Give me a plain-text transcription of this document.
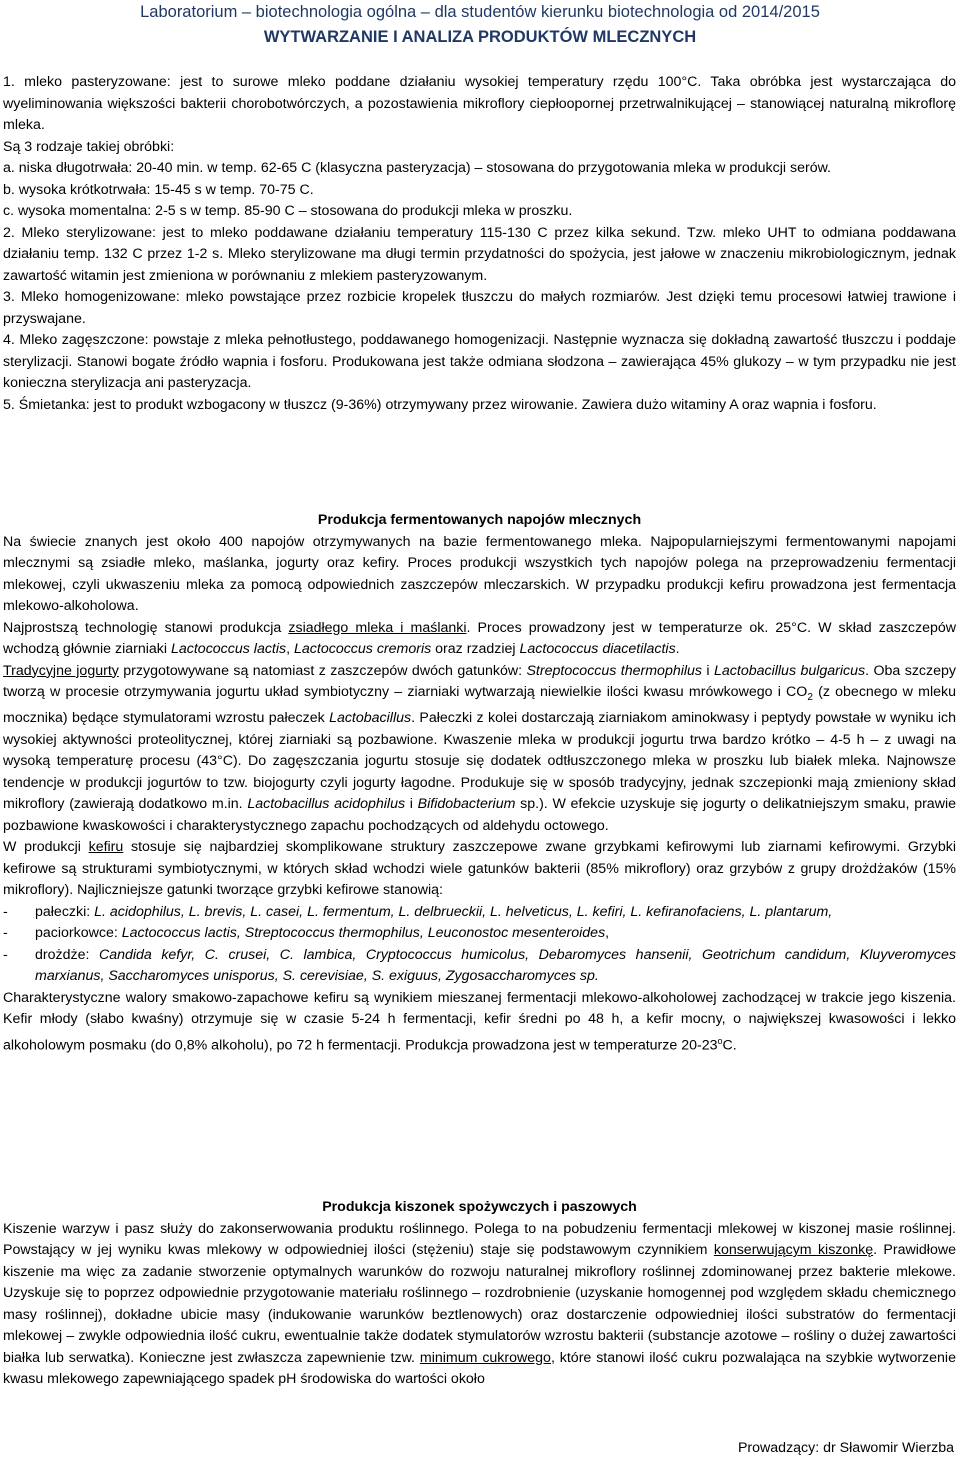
Laboratorium – biotechnologia ogólna – dla studentów kierunku biotechnologia od 2014/2015
WYTWARZANIE I ANALIZA PRODUKTÓW MLECZNYCH

1. mleko pasteryzowane: jest to surowe mleko poddane działaniu wysokiej temperatury rzędu 100°C. Taka obróbka jest wystarczająca do wyeliminowania większości bakterii chorobotwórczych, a pozostawienia mikroflory ciepłoopornej przetrwalnikującej – stanowiącej naturalną mikroflorę mleka.

Są 3 rodzaje takiej obróbki:

a. niska długotrwała: 20-40 min. w temp. 62-65 C (klasyczna pasteryzacja) – stosowana do przygotowania mleka w produkcji serów.

b. wysoka krótkotrwała: 15-45 s w temp. 70-75 C.

c. wysoka momentalna: 2-5 s w temp. 85-90 C – stosowana do produkcji mleka w proszku.

2. Mleko sterylizowane: jest to mleko poddawane działaniu temperatury 115-130 C przez kilka sekund. Tzw. mleko UHT to odmiana poddawana działaniu temp. 132 C przez 1-2 s. Mleko sterylizowane ma długi termin przydatności do spożycia, jest jałowe w znaczeniu mikrobiologicznym, jednak zawartość witamin jest zmieniona w porównaniu z mlekiem pasteryzowanym.

3. Mleko homogenizowane: mleko powstające przez rozbicie kropelek tłuszczu do małych rozmiarów. Jest dzięki temu procesowi łatwiej trawione i przyswajane.

4. Mleko zagęszczone: powstaje z mleka pełnotłustego, poddawanego homogenizacji. Następnie wyznacza się dokładną zawartość tłuszczu i poddaje sterylizacji. Stanowi bogate źródło wapnia i fosforu. Produkowana jest także odmiana słodzona – zawierająca 45% glukozy – w tym przypadku nie jest konieczna sterylizacja ani pasteryzacja.

5. Śmietanka: jest to produkt wzbogacony w tłuszcz (9-36%) otrzymywany przez wirowanie. Zawiera dużo witaminy A oraz wapnia i fosforu.

Produkcja fermentowanych napojów mlecznych

Na świecie znanych jest około 400 napojów otrzymywanych na bazie fermentowanego mleka. Najpopularniejszymi fermentowanymi napojami mlecznymi są zsiadłe mleko, maślanka, jogurty oraz kefiry. Proces produkcji wszystkich tych napojów polega na przeprowadzeniu fermentacji mlekowej, czyli ukwaszeniu mleka za pomocą odpowiednich zaszczepów mleczarskich. W przypadku produkcji kefiru prowadzona jest fermentacja mlekowo-alkoholowa.

Najprostszą technologię stanowi produkcja zsiadłego mleka i maślanki. Proces prowadzony jest w temperaturze ok. 25°C. W skład zaszczepów wchodzą głównie ziarniaki Lactococcus lactis, Lactococcus cremoris oraz rzadziej Lactococcus diacetilactis.

Tradycyjne jogurty przygotowywane są natomiast z zaszczepów dwóch gatunków: Streptococcus thermophilus i Lactobacillus bulgaricus. Oba szczepy tworzą w procesie otrzymywania jogurtu układ symbiotyczny – ziarniaki wytwarzają niewielkie ilości kwasu mrówkowego i $CO_2$ (z obecnego w mleku mocznika) będące stymulatorami wzrostu pałeczek Lactobacillus. Pałeczki z kolei dostarczają ziarniakom aminokwasy i peptydy powstałe w wyniku ich wysokiej aktywności proteolitycznej, której ziarniaki są pozbawione. Kwaszenie mleka w produkcji jogurtu trwa bardzo krótko – 4-5 h – z uwagi na wysoką temperaturę procesu (43°C). Do zagęszczania jogurtu stosuje się dodatek odtłuszczonego mleka w proszku lub białek mleka. Najnowsze tendencje w produkcji jogurtów to tzw. biojogurty czyli jogurty łagodne. Produkuje się w sposób tradycyjny, jednak szczepionki mają zmieniony skład mikroflory (zawierają dodatkowo m.in. Lactobacillus acidophilus i Bifidobacterium sp.). W efekcie uzyskuje się jogurty o delikatniejszym smaku, prawie pozbawione kwaskowości i charakterystycznego zapachu pochodzących od aldehydu octowego.

W produkcji kefiru stosuje się najbardziej skomplikowane struktury zaszczepowe zwane grzybkami kefirowymi lub ziarnami kefirowymi. Grzybki kefirowe są strukturami symbiotycznymi, w których skład wchodzi wiele gatunków bakterii (85% mikroflory) oraz grzybów z grupy drożdżaków (15% mikroflory). Najliczniejsze gatunki tworzące grzybki kefirowe stanowią:

- pałeczki: L. acidophilus, L. brevis, L. casei, L. fermentum, L. delbrueckii, L. helveticus, L. kefiri, L. kefiranofaciens, L. plantarum,
- paciorkowce: Lactococcus lactis, Streptococcus thermophilus, Leuconostoc mesenteroides,
- drożdże: Candida kefyr, C. crusei, C. lambica, Cryptococcus humicolus, Debaromyces hansenii, Geotrichum candidum, Kluyveromyces marxianus, Saccharomyces unisporus, S. cerevisiae, S. exiguus, Zygosaccharomyces sp.

Charakterystyczne walory smakowo-zapachowe kefiru są wynikiem mieszanej fermentacji mlekowo-alkoholowej zachodzącej w trakcie jego kiszenia. Kefir młody (słabo kwaśny) otrzymuje się w czasie 5-24 h fermentacji, kefir średni po 48 h, a kefir mocny, o największej kwasowości i lekko alkoholowym posmaku (do 0,8% alkoholu), po 72 h fermentacji. Produkcja prowadzona jest w temperaturze 20-23$^o$C.

Produkcja kiszonek spożywczych i paszowych

Kiszenie warzyw i pasz służy do zakonserwowania produktu roślinnego. Polega to na pobudzeniu fermentacji mlekowej w kiszonej masie roślinnej. Powstający w jej wyniku kwas mlekowy w odpowiedniej ilości (stężeniu) staje się podstawowym czynnikiem konserwującym kiszonkę. Prawidłowe kiszenie ma więc za zadanie stworzenie optymalnych warunków do rozwoju naturalnej mikroflory roślinnej zdominowanej przez bakterie mlekowe. Uzyskuje się to poprzez odpowiednie przygotowanie materiału roślinnego – rozdrobnienie (uzyskanie homogennej pod względem składu chemicznego masy roślinnej), dokładne ubicie masy (indukowanie warunków beztlenowych) oraz dostarczenie odpowiedniej ilości substratów do fermentacji mlekowej – zwykle odpowiednia ilość cukru, ewentualnie także dodatek stymulatorów wzrostu bakterii (substancje azotowe – rośliny o dużej zawartości białka lub serwatka). Konieczne jest zwłaszcza zapewnienie tzw. minimum cukrowego, które stanowi ilość cukru pozwalająca na szybkie wytworzenie kwasu mlekowego zapewniającego spadek pH środowiska do wartości około

Prowadzący: dr Sławomir Wierzba
